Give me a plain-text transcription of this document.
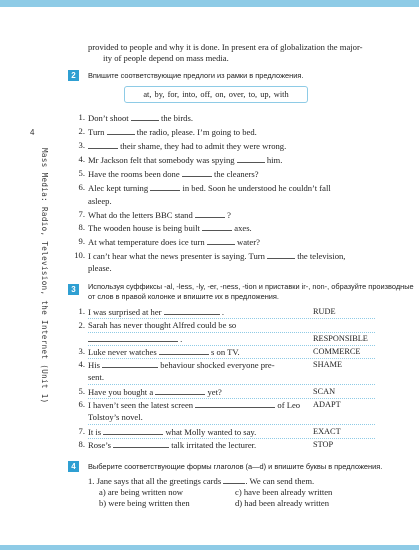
4
Mass Media: Radio, Television, the Internet (Unit 1)
provided to people and why it is done. In present era of globalization the major-
ity of people depend on mass media.
2	Впишите соответствующие предлоги из рамки в предложения.
at, by, for, into, off, on, over, to, up, with
1. Don’t shoot	the birds.
2. Turn	the radio, please. I’m going to bed.
3.	their shame, they had to admit they were wrong.
4. Mr Jackson felt that somebody was spying	him.
5. Have the rooms been done	the cleaners?
6. Alec kept turning	in bed. Soon he understood he couldn’t fall
asleep.
7. What do the letters BBC stand	?
8. The wooden house is being built	axes.
9. At what temperature does ice turn	water?
10. I can’t hear what the news presenter is saying. Turn	the television,
please.
3	Используя суффиксы -al, -less, -ly, -er, -ness, -tion и приставки ir-, non-, образуйте производные
от слов в правой колонке и впишите их в предложения.
1. I was surprised at her	.	RUDE
2. Sarah has never thought Alfred could be so
.	RESPONSIBLE
3. Luke never watches	s on TV.	COMMERCE
4. His	behaviour shocked everyone pre-	SHAME
sent.
5. Have you bought a	yet?	SCAN
6. I haven’t seen the latest screen	of Leo ADAPT
Tolstoy’s novel.
7. It is	what Molly wanted to say.	EXACT
8. Rose’s	talk irritated the lecturer.	STOP
4	Выберите соответствующие формы глаголов (a—d) и впишите буквы в предложения.
1. Jane says that all the greetings cards	. We can send them.
a) are being written now	c) have been already written
b) were being written then	d) had been already written
